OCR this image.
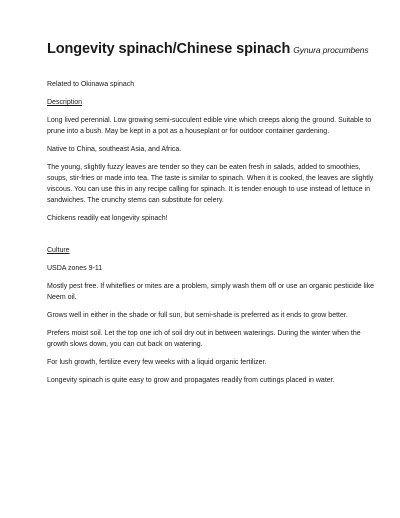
Longevity spinach/Chinese spinach Gynura procumbens

Related to Okinawa spinach

Description

Long lived perennial. Low growing semi-succulent edible vine which creeps along the ground. Suitable to prune into a bush. May be kept in a pot as a houseplant or for outdoor container gardening.

Native to China, southeast Asia, and Africa.

The young, slightly fuzzy leaves are tender so they can be eaten fresh in salads, added to smoothies, soups, stir-fries or made into tea. The taste is similar to spinach. When it is cooked, the leaves are slightly viscous. You can use this in any recipe calling for spinach. It is tender enough to use instead of lettuce in sandwiches. The crunchy stems can substitute for celery.

Chickens readily eat longevity spinach!

Culture

USDA zones 9-11

Mostly pest free. If whiteflies or mites are a problem, simply wash them off or use an organic pesticide like Neem oil.

Grows well in either in the shade or full sun, but semi-shade is preferred as it ends to grow better.

Prefers moist soil. Let the top one ich of soil dry out in between waterings. During the winter when the growth slows down, you can cut back on watering.

For lush growth, fertilize every few weeks with a liquid organic fertilizer.

Longevity spinach is quite easy to grow and propagates readily from cuttings placed in water.
